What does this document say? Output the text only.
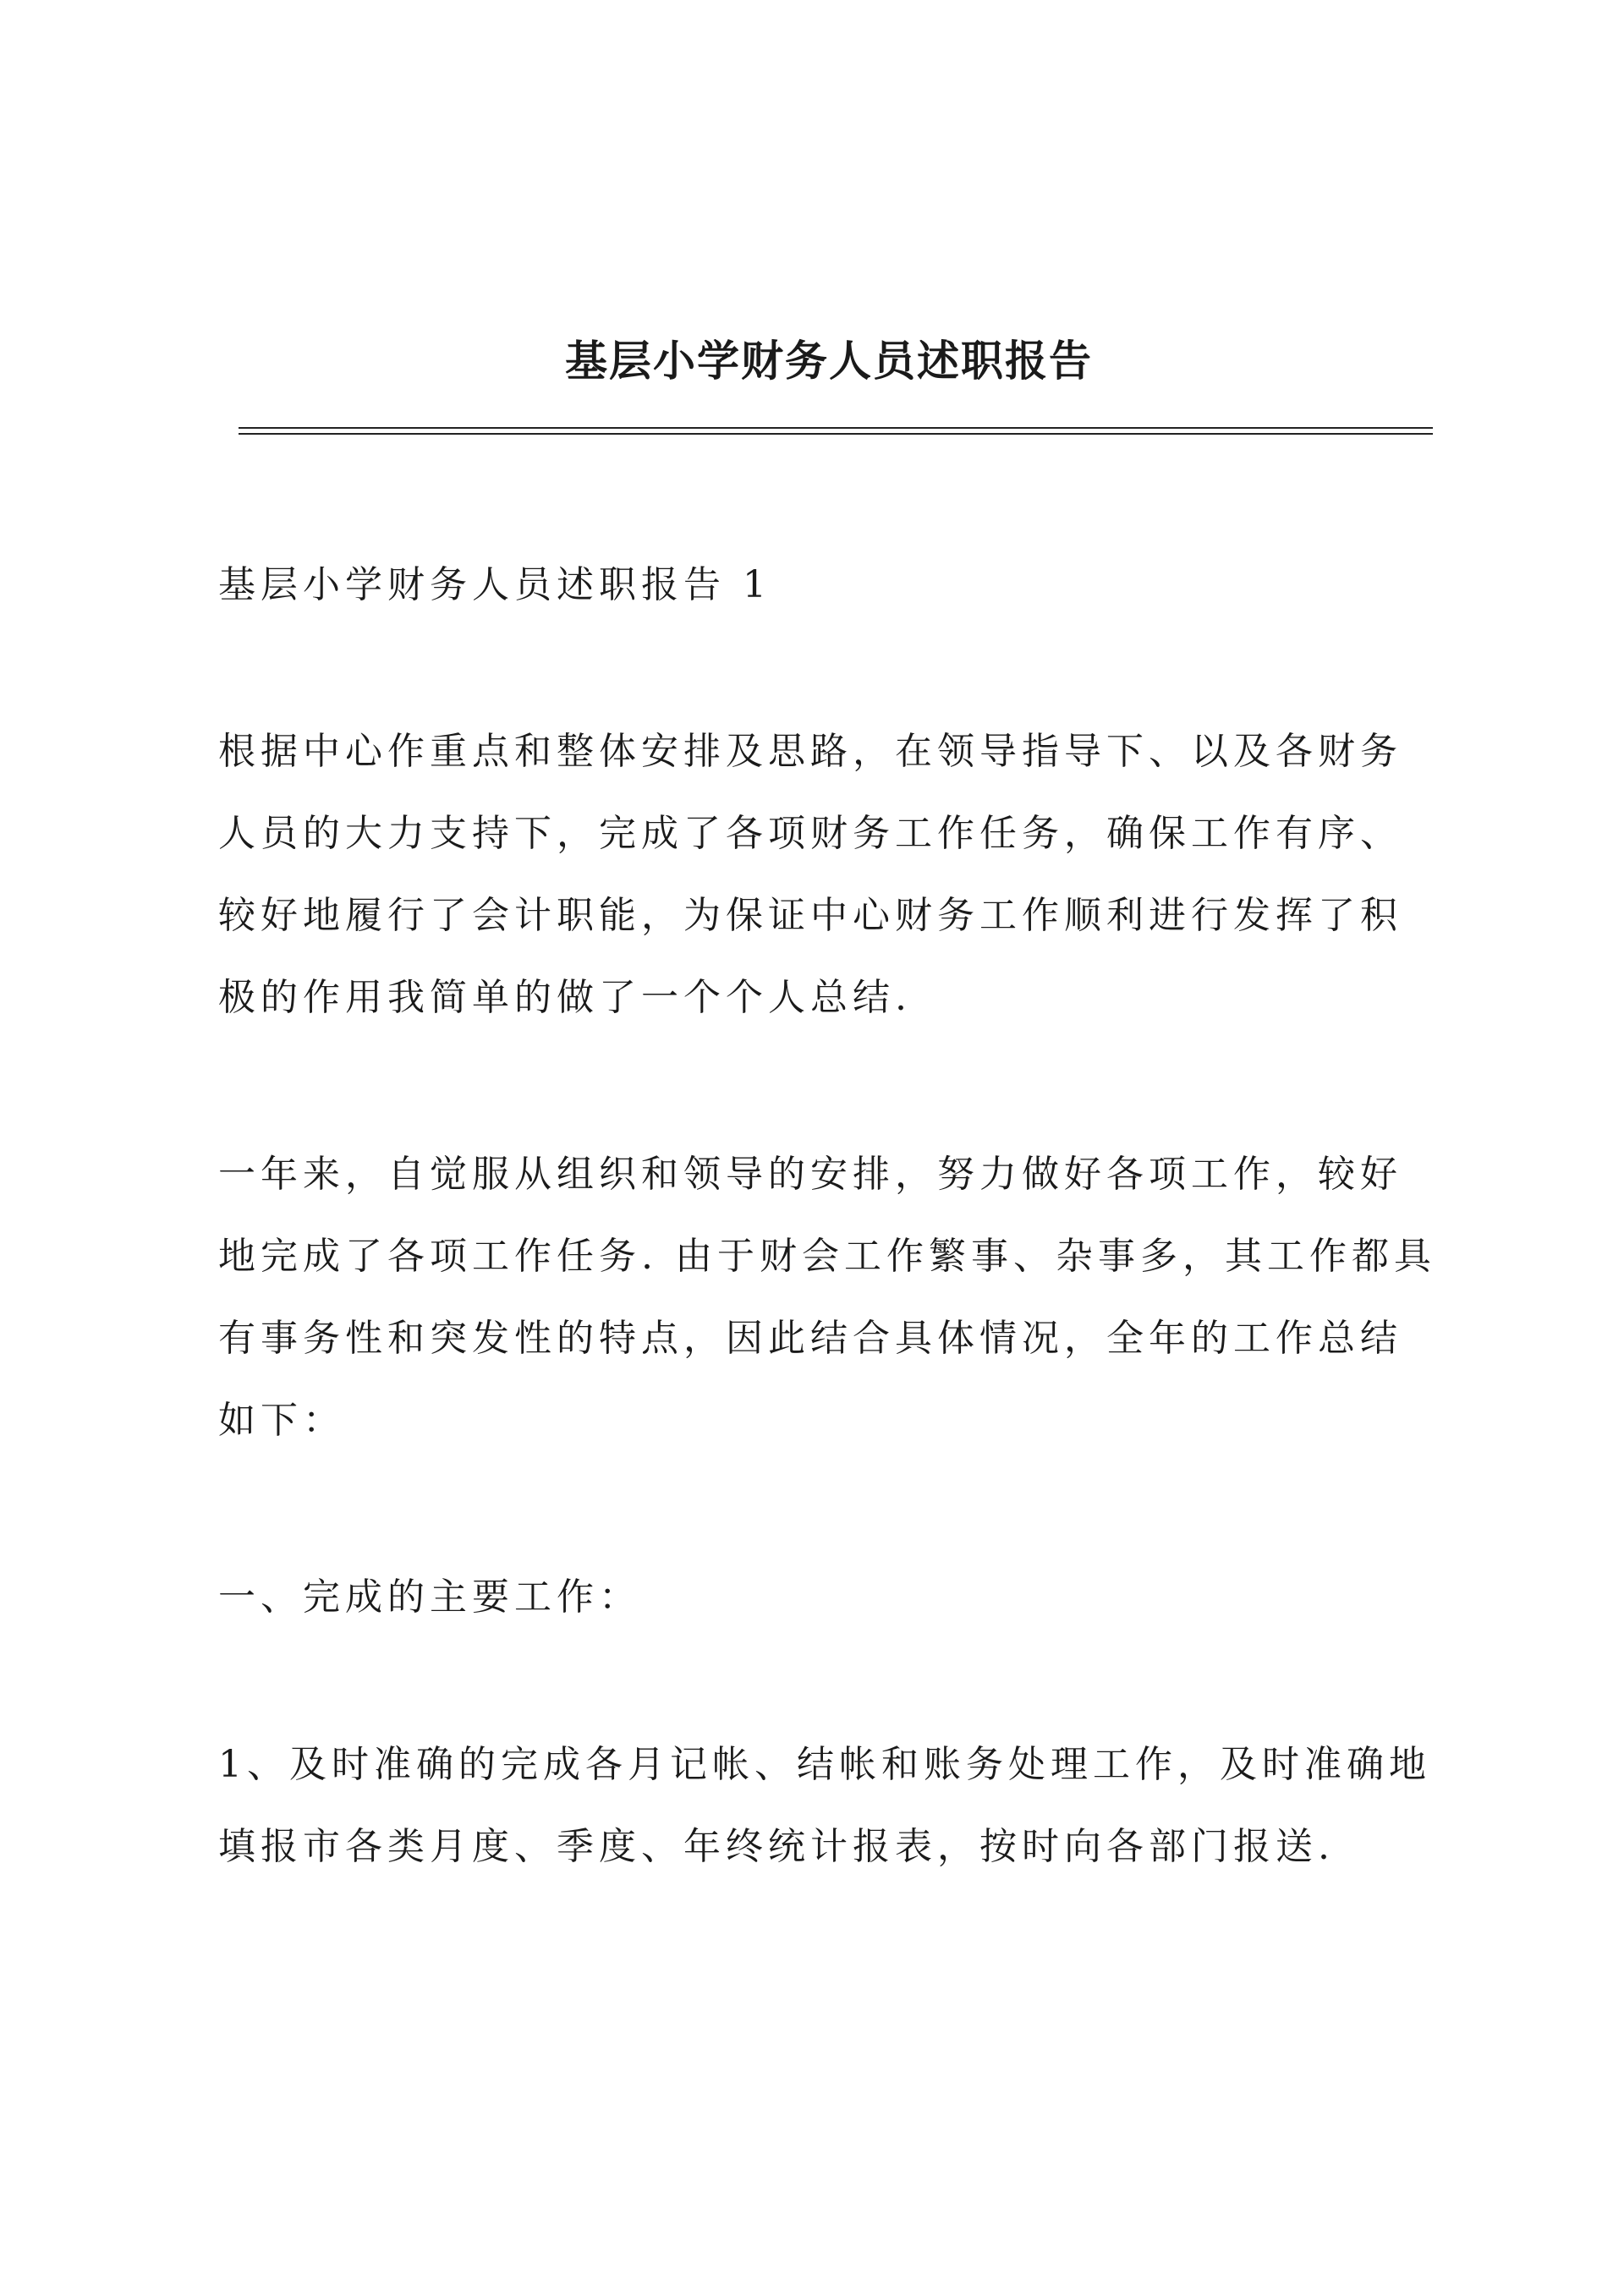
基层小学财务人员述职报告

基层小学财务人员述职报告 1

根据中心作重点和整体安排及思路，在领导指导下、以及各财务人员的大力支持下，完成了各项财务工作任务，确保工作有序、较好地履行了会计职能，为保证中心财务工作顺利进行发挥了积极的作用我简单的做了一个个人总结.

一年来，自觉服从组织和领导的安排，努力做好各项工作，较好地完成了各项工作任务. 由于财会工作繁事、杂事多，其工作都具有事务性和突发性的特点，因此结合具体情况，全年的工作总结如下：

一、完成的主要工作：

1、及时准确的完成各月记帐、结帐和账务处理工作，及时准确地填报市各类月度、季度、年终统计报表，按时向各部门报送.
